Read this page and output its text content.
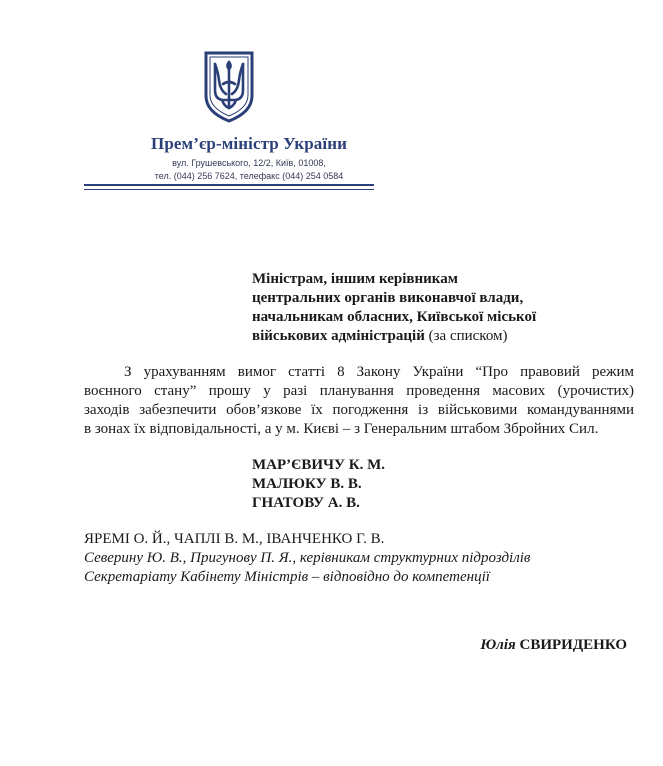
Прем’єр-міністр України
вул. Грушевського, 12/2, Київ, 01008,
тел. (044) 256 7624, телефакс (044) 254 0584
Міністрам, іншим керівникам
центральних органів виконавчої влади,
начальникам обласних, Київської міської
військових адміністрацій (за списком)
З урахуванням вимог статті 8 Закону України “Про правовий режим
воєнного стану” прошу у разі планування проведення масових (урочистих)
заходів забезпечити обов’язкове їх погодження із військовими командуваннями
в зонах їх відповідальності, а у м. Києві – з Генеральним штабом Збройних Сил.
МАР’ЄВИЧУ К. М.
МАЛЮКУ В. В.
ГНАТОВУ А. В.
ЯРЕМІ О. Й., ЧАПЛІ В. М., ІВАНЧЕНКО Г. В.
Северину Ю. В., Пригунову П. Я., керівникам структурних підрозділів
Секретаріату Кабінету Міністрів – відповідно до компетенції
Юлія СВИРИДЕНКО
